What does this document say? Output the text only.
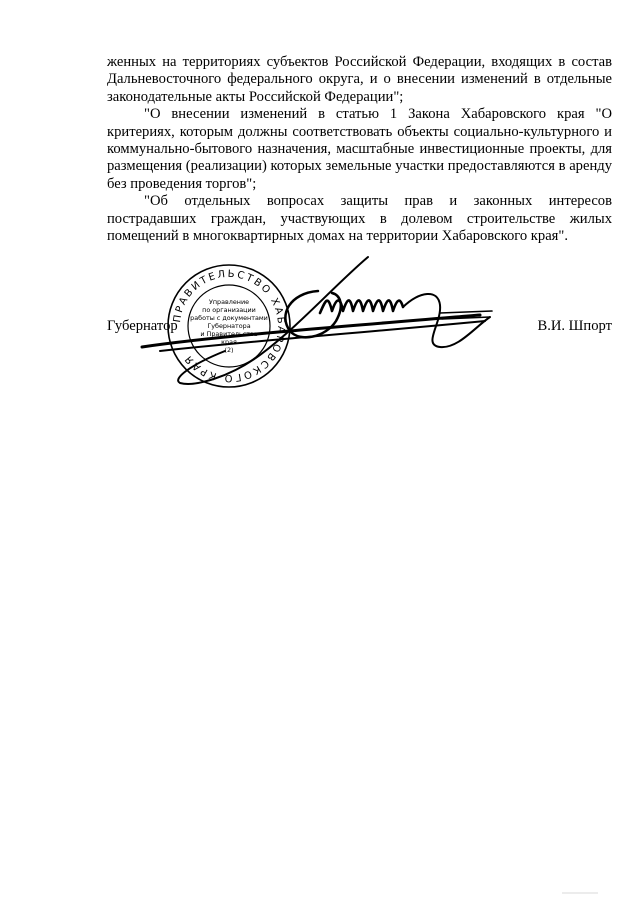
женных на территориях субъектов Российской Федерации, входящих в состав Дальневосточного федерального округа, и о внесении изменений в отдельные законодательные акты Российской Федерации";

"О внесении изменений в статью 1 Закона Хабаровского края "О критериях, которым должны соответствовать объекты социально-культурного и коммунально-бытового назначения, масштабные инвестиционные проекты, для размещения (реализации) которых земельные участки предоставляются в аренду без проведения торгов";

"Об отдельных вопросах защиты прав и законных интересов пострадавших граждан, участвующих в долевом строительстве жилых помещений в многоквартирных домах на территории Хабаровского края".

Губернатор	В.И. Шпорт
ПРАВИТЕЛЬСТВО ХАБАРОВСКОГО КРАЯ
Управление
по организации
работы с документами
Губернатора
и Правительства
края
(2)
